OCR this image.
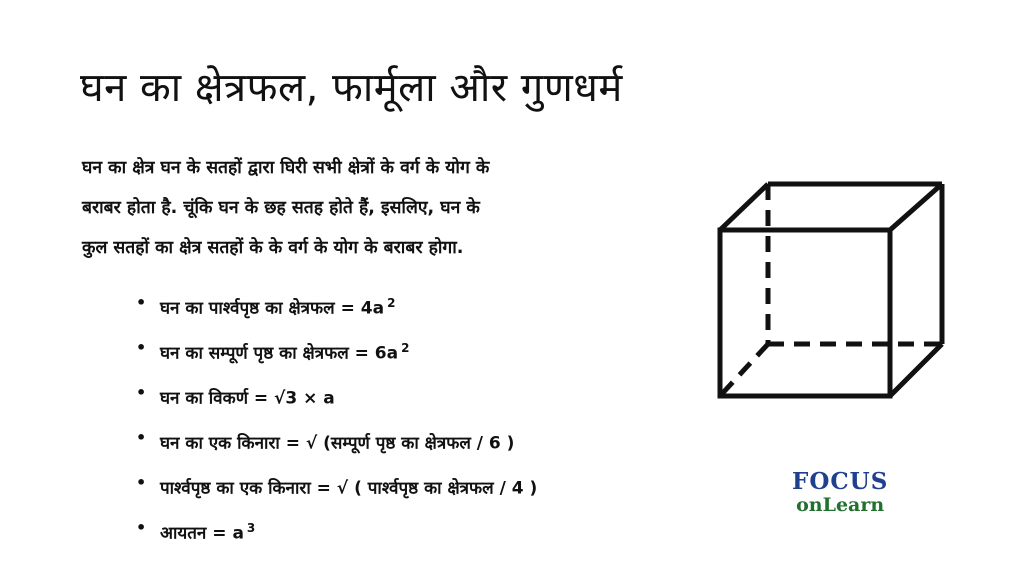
घन का क्षेत्रफल, फार्मूला और गुणधर्म
घन का क्षेत्र घन के सतहों द्वारा घिरी सभी क्षेत्रों के वर्ग के योग के
बराबर होता है. चूंकि घन के छह सतह होते हैं, इसलिए, घन के
कुल सतहों का क्षेत्र सतहों के के वर्ग के योग के बराबर होगा.
• घन का पार्श्वपृष्ठ का क्षेत्रफल = 4a $^2$
• घन का सम्पूर्ण पृष्ठ का क्षेत्रफल = 6a $^2$
• घन का विकर्ण = √3 × a
• घन का एक किनारा = √ (सम्पूर्ण पृष्ठ का क्षेत्रफल / 6 )
• पार्श्वपृष्ठ का एक किनारा = √ ( पार्श्वपृष्ठ का क्षेत्रफल / 4 )
• आयतन = a $^3$
FOCUS
onLearn
